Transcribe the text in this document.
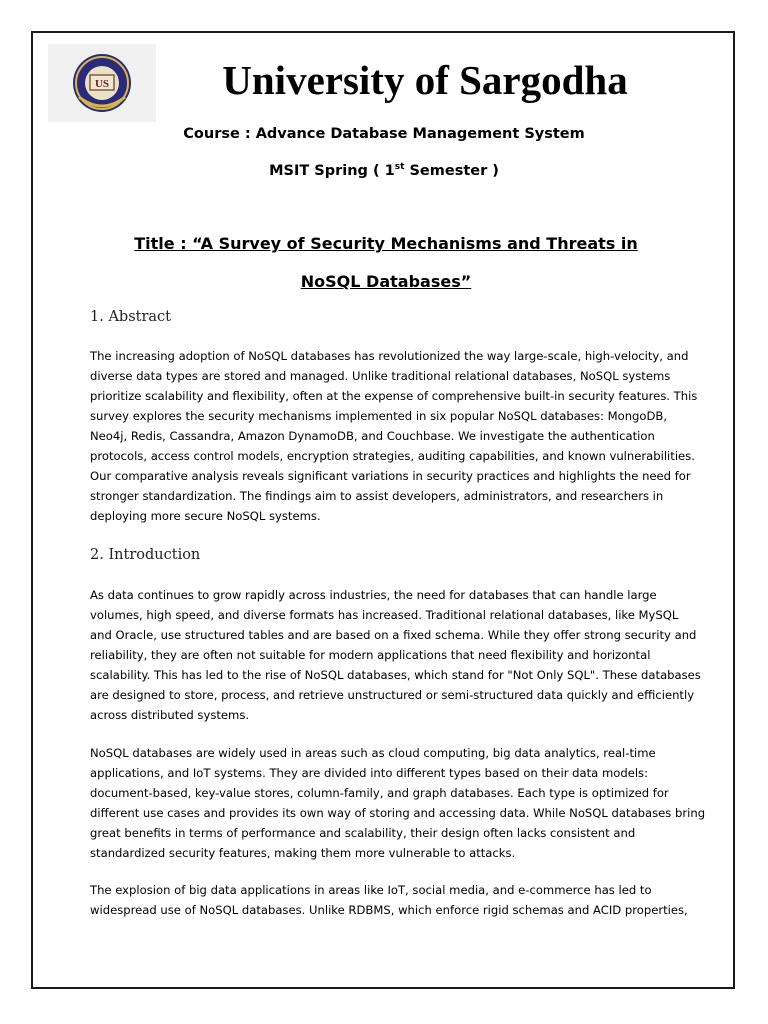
US	University of Sargodha
Course : Advance Database Management System
MSIT Spring ( 1st Semester )
Title : “A Survey of Security Mechanisms and Threats in
NoSQL Databases”
1. Abstract
The increasing adoption of NoSQL databases has revolutionized the way large-scale, high-velocity, and
diverse data types are stored and managed. Unlike traditional relational databases, NoSQL systems
prioritize scalability and flexibility, often at the expense of comprehensive built-in security features. This
survey explores the security mechanisms implemented in six popular NoSQL databases: MongoDB,
Neo4j, Redis, Cassandra, Amazon DynamoDB, and Couchbase. We investigate the authentication
protocols, access control models, encryption strategies, auditing capabilities, and known vulnerabilities.
Our comparative analysis reveals significant variations in security practices and highlights the need for
stronger standardization. The findings aim to assist developers, administrators, and researchers in
deploying more secure NoSQL systems.
2. Introduction
As data continues to grow rapidly across industries, the need for databases that can handle large
volumes, high speed, and diverse formats has increased. Traditional relational databases, like MySQL
and Oracle, use structured tables and are based on a fixed schema. While they offer strong security and
reliability, they are often not suitable for modern applications that need flexibility and horizontal
scalability. This has led to the rise of NoSQL databases, which stand for "Not Only SQL". These databases
are designed to store, process, and retrieve unstructured or semi-structured data quickly and efficiently
across distributed systems.
NoSQL databases are widely used in areas such as cloud computing, big data analytics, real-time
applications, and IoT systems. They are divided into different types based on their data models:
document-based, key-value stores, column-family, and graph databases. Each type is optimized for
different use cases and provides its own way of storing and accessing data. While NoSQL databases bring
great benefits in terms of performance and scalability, their design often lacks consistent and
standardized security features, making them more vulnerable to attacks.
The explosion of big data applications in areas like IoT, social media, and e-commerce has led to
widespread use of NoSQL databases. Unlike RDBMS, which enforce rigid schemas and ACID properties,
